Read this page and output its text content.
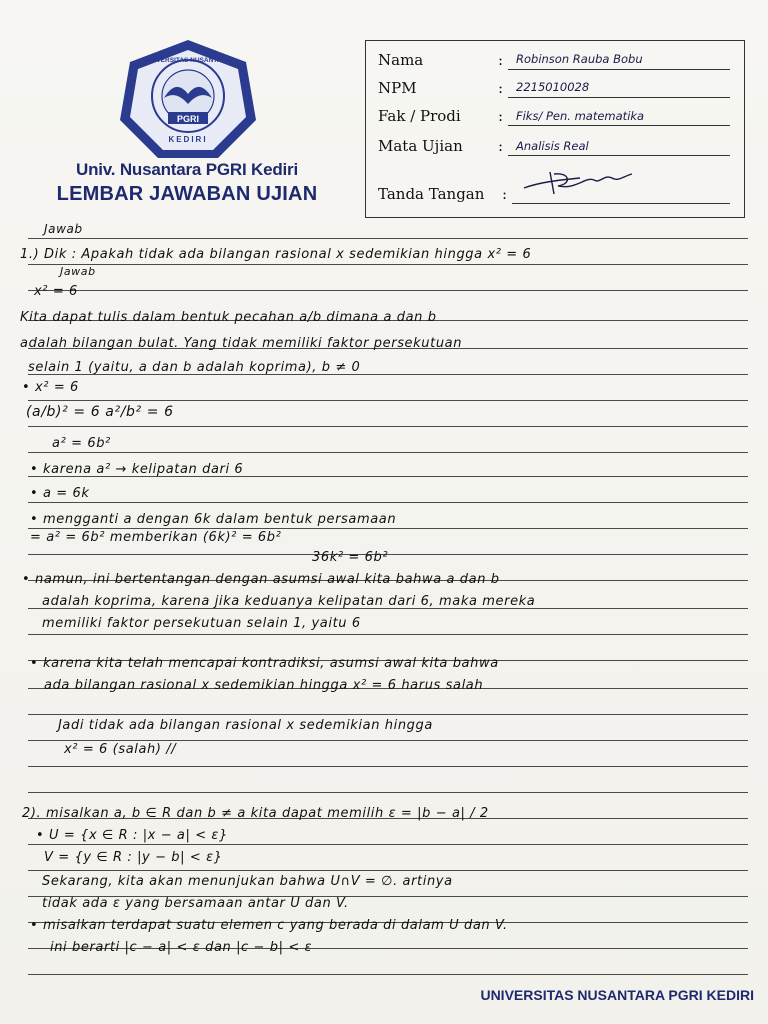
PGRI
UNIVERSITAS NUSANTARA
KEDIRI
Univ. Nusantara PGRI Kediri
LEMBAR JAWABAN UJIAN
Nama
NPM
Fak / Prodi
Mata Ujian
Tanda Tangan
:
:
:
:
:
Robinson Rauba Bobu
2215010028
Fiks/ Pen. matematika
Analisis Real
Jawab
1.) Dik : Apakah tidak ada bilangan rasional x sedemikian hingga x² = 6
Jawab
x² = 6
Kita dapat tulis dalam bentuk pecahan a/b dimana a dan b
adalah bilangan bulat. Yang tidak memiliki faktor persekutuan
selain 1 (yaitu, a dan b adalah koprima), b ≠ 0
• x² = 6
(a/b)² = 6 a²/b² = 6
a² = 6b²
• karena a² → kelipatan dari 6
• a = 6k
• mengganti a dengan 6k dalam bentuk persamaan
= a² = 6b² memberikan (6k)² = 6b²
36k² = 6b²
• namun, ini bertentangan dengan asumsi awal kita bahwa a dan b
adalah koprima, karena jika keduanya kelipatan dari 6, maka mereka
memiliki faktor persekutuan selain 1, yaitu 6
• karena kita telah mencapai kontradiksi, asumsi awal kita bahwa
ada bilangan rasional x sedemikian hingga x² = 6 harus salah
Jadi tidak ada bilangan rasional x sedemikian hingga
x² = 6 (salah) //
2). misalkan a, b ∈ R dan b ≠ a kita dapat memilih ε = |b − a| / 2
• U = {x ∈ R : |x − a| < ε}
V = {y ∈ R : |y − b| < ε}
Sekarang, kita akan menunjukan bahwa U∩V = ∅. artinya
tidak ada ε yang bersamaan antar U dan V.
• misalkan terdapat suatu elemen c yang berada di dalam U dan V.
ini berarti |c − a| < ε dan |c − b| < ε
UNIVERSITAS NUSANTARA PGRI KEDIRI
